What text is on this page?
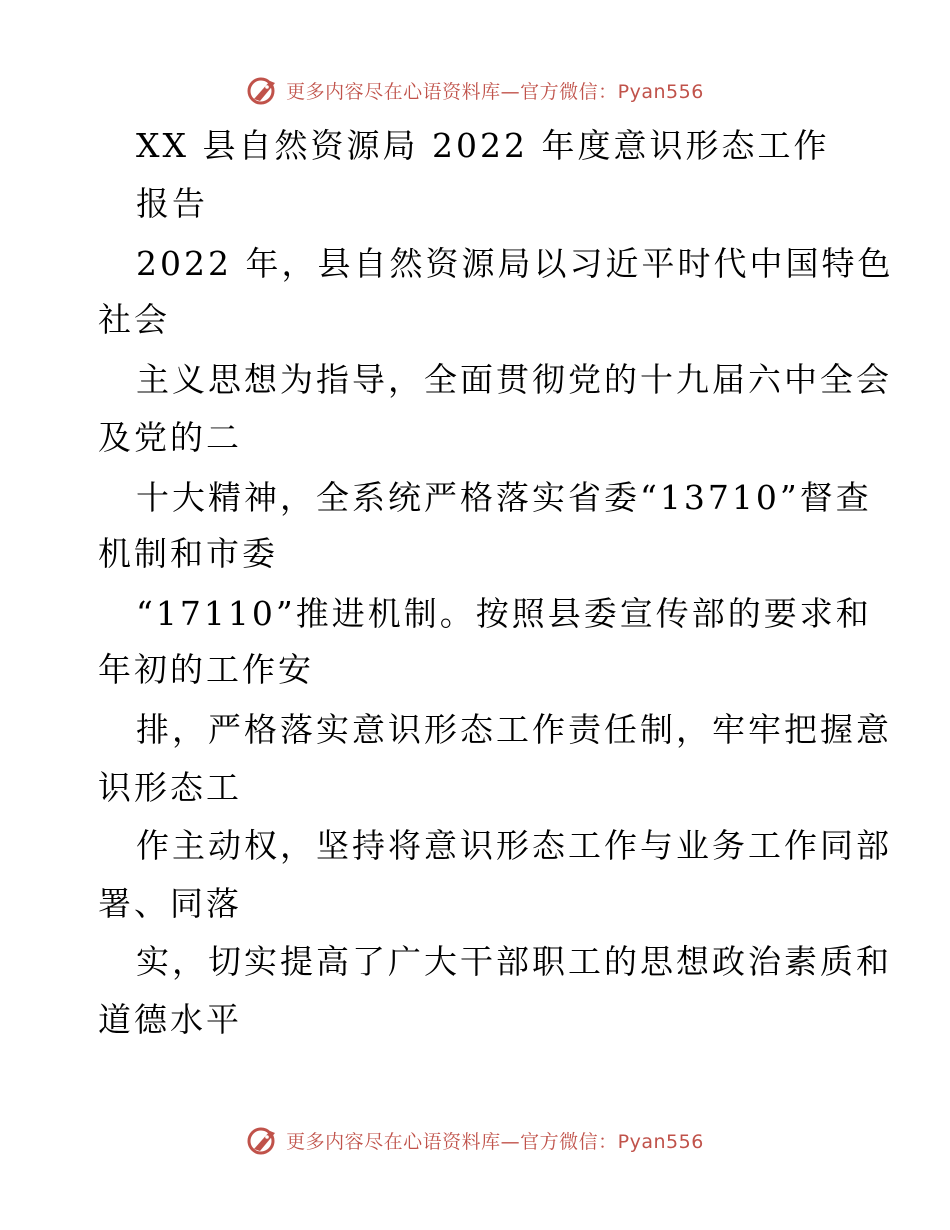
更多内容尽在心语资料库—官方微信：Pyan556
XX 县自然资源局 2022 年度意识形态工作
报告
2022 年，县自然资源局以习近平时代中国特色
社会
主义思想为指导，全面贯彻党的十九届六中全会
及党的二
十大精神，全系统严格落实省委“13710”督查
机制和市委
“17110”推进机制。按照县委宣传部的要求和
年初的工作安
排，严格落实意识形态工作责任制，牢牢把握意
识形态工
作主动权，坚持将意识形态工作与业务工作同部
署、同落
实，切实提高了广大干部职工的思想政治素质和
道德水平
更多内容尽在心语资料库—官方微信：Pyan556
